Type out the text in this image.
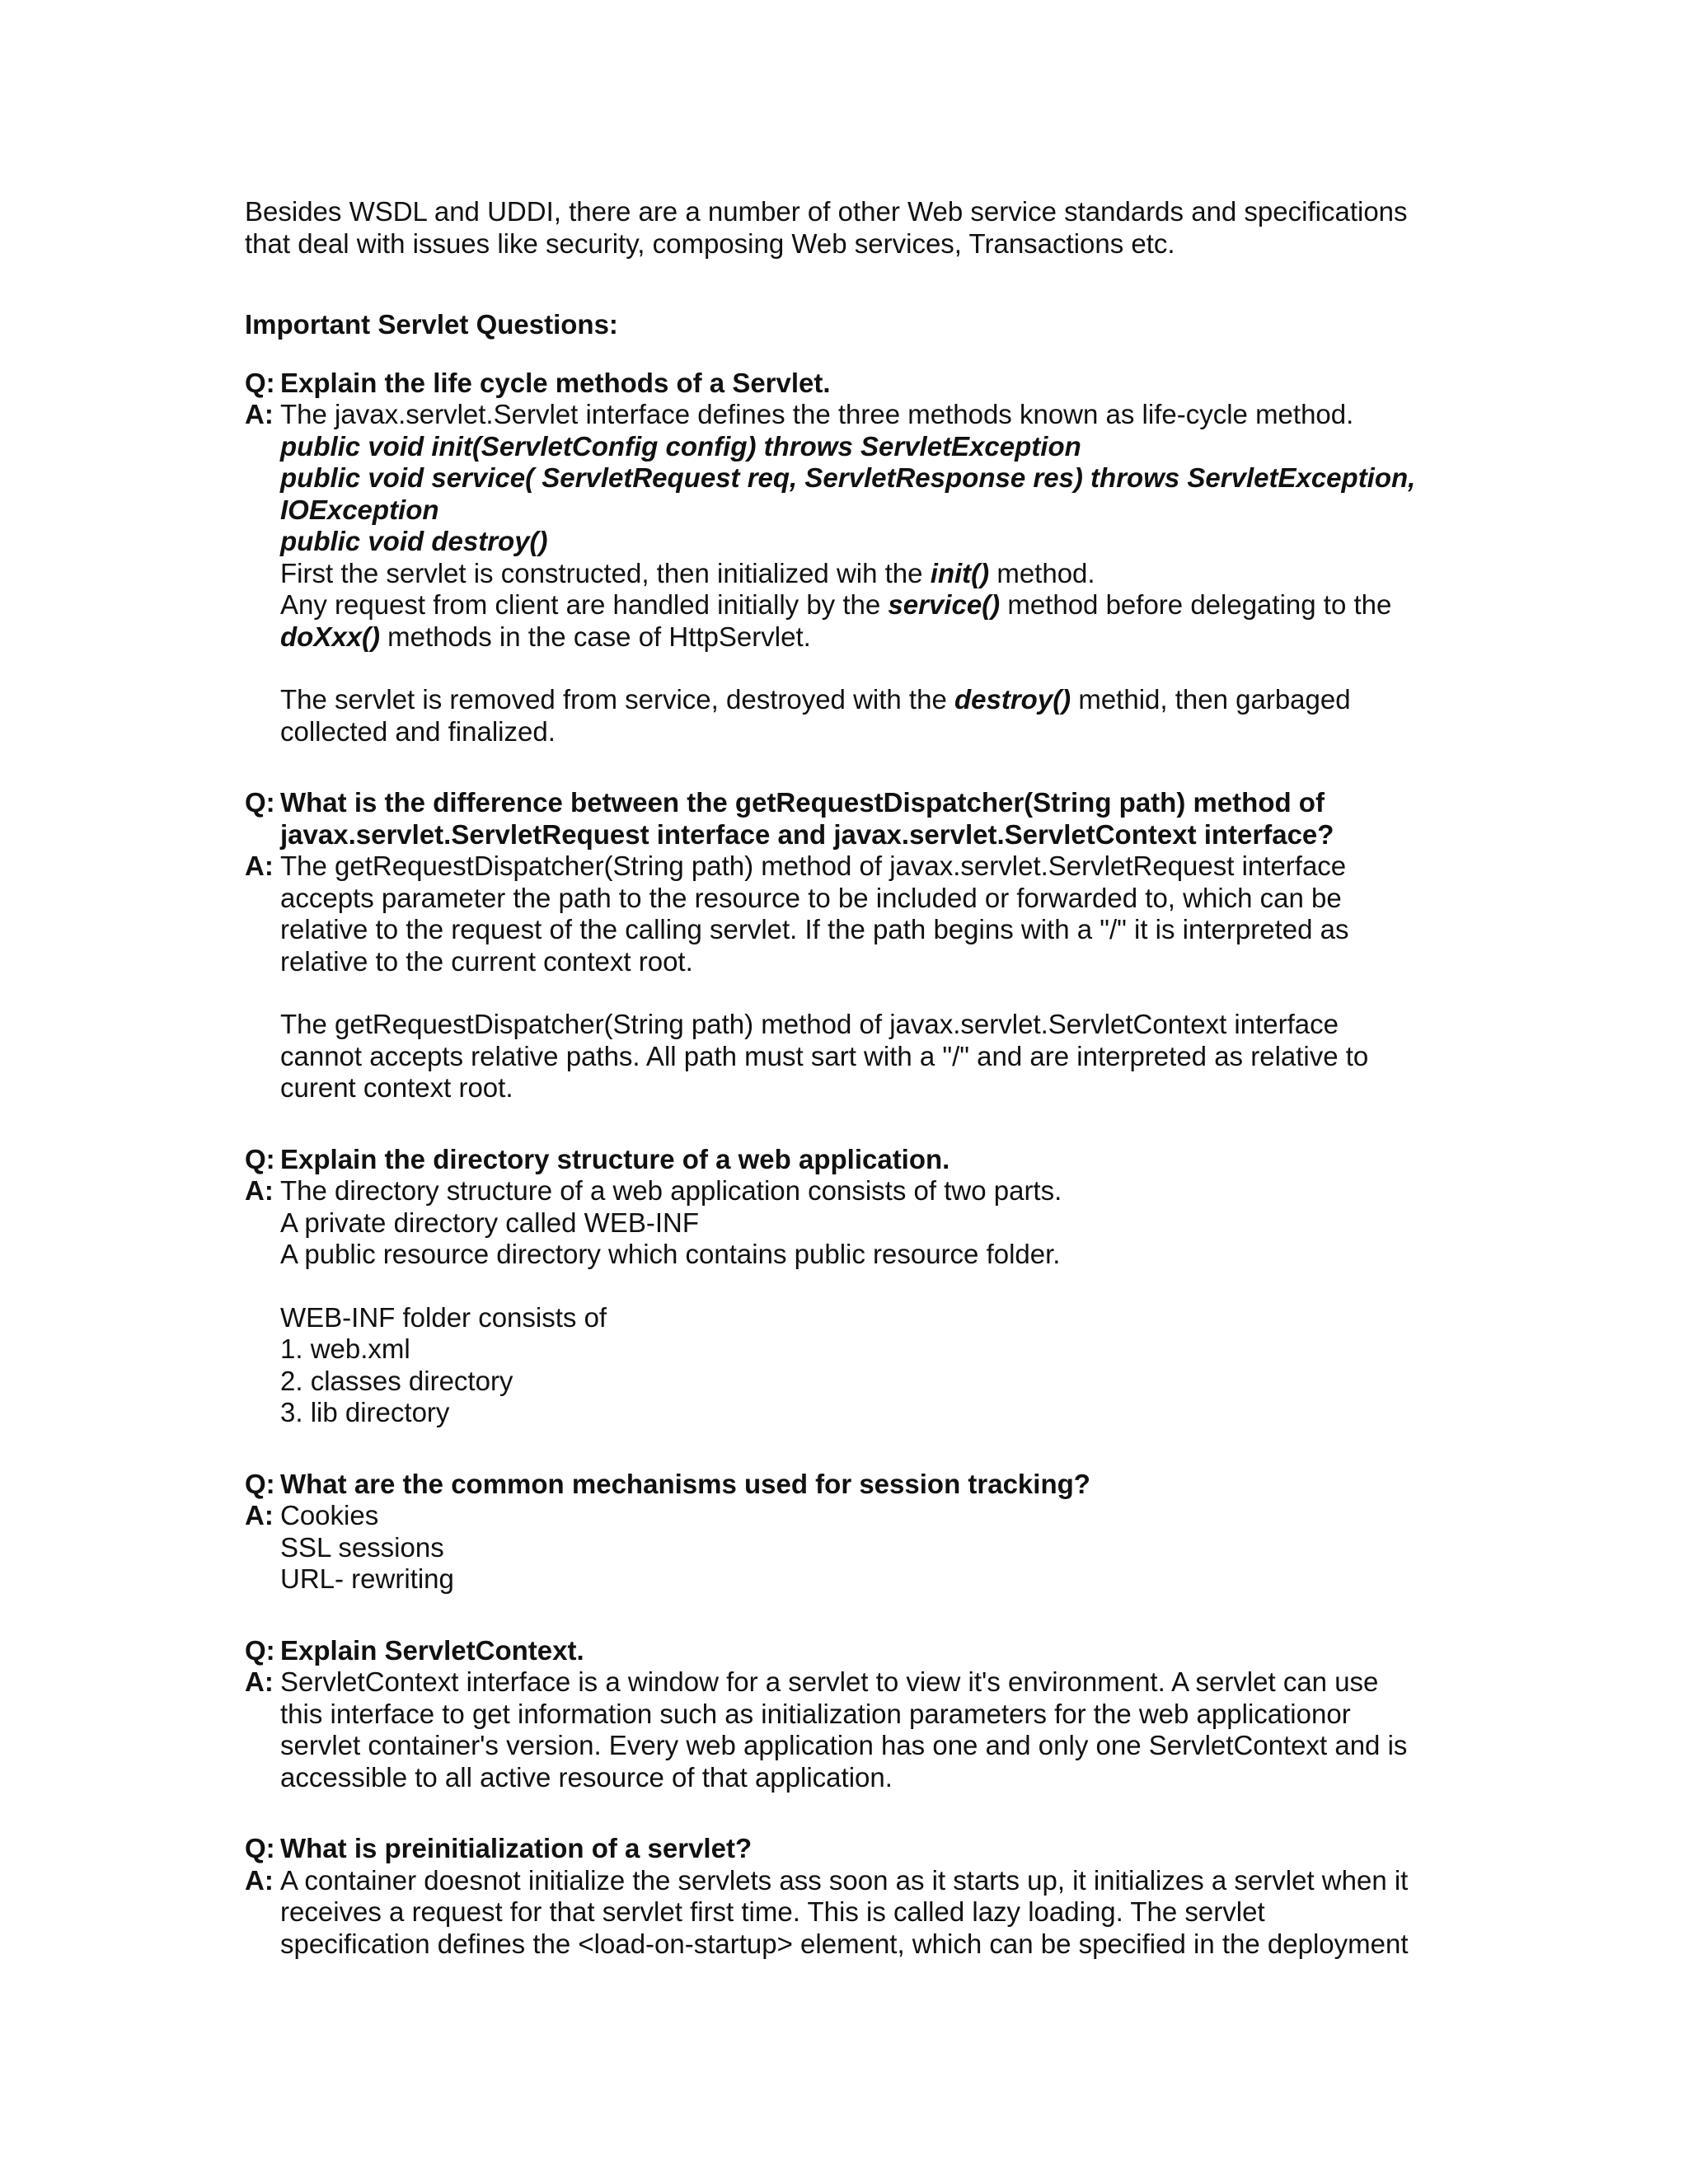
Besides WSDL and UDDI, there are a number of other Web service standards and specifications
that deal with issues like security, composing Web services, Transactions etc.

Important Servlet Questions:

Q: Explain the life cycle methods of a Servlet.
A: The javax.servlet.Servlet interface defines the three methods known as life-cycle method.
public void init(ServletConfig config) throws ServletException
public void service( ServletRequest req, ServletResponse res) throws ServletException,
IOException
public void destroy()
First the servlet is constructed, then initialized wih the init() method.
Any request from client are handled initially by the service() method before delegating to the
doXxx() methods in the case of HttpServlet.
The servlet is removed from service, destroyed with the destroy() methid, then garbaged
collected and finalized.
Q: What is the difference between the getRequestDispatcher(String path) method of
javax.servlet.ServletRequest interface and javax.servlet.ServletContext interface?
A: The getRequestDispatcher(String path) method of javax.servlet.ServletRequest interface
accepts parameter the path to the resource to be included or forwarded to, which can be
relative to the request of the calling servlet. If the path begins with a "/" it is interpreted as
relative to the current context root.
The getRequestDispatcher(String path) method of javax.servlet.ServletContext interface
cannot accepts relative paths. All path must sart with a "/" and are interpreted as relative to
curent context root.
Q: Explain the directory structure of a web application.
A: The directory structure of a web application consists of two parts.
A private directory called WEB-INF
A public resource directory which contains public resource folder.
WEB-INF folder consists of
1. web.xml
2. classes directory
3. lib directory
Q: What are the common mechanisms used for session tracking?
A: Cookies
SSL sessions
URL- rewriting
Q: Explain ServletContext.
A: ServletContext interface is a window for a servlet to view it's environment. A servlet can use
this interface to get information such as initialization parameters for the web applicationor
servlet container's version. Every web application has one and only one ServletContext and is
accessible to all active resource of that application.
Q: What is preinitialization of a servlet?
A: A container doesnot initialize the servlets ass soon as it starts up, it initializes a servlet when it
receives a request for that servlet first time. This is called lazy loading. The servlet
specification defines the <load-on-startup> element, which can be specified in the deployment
